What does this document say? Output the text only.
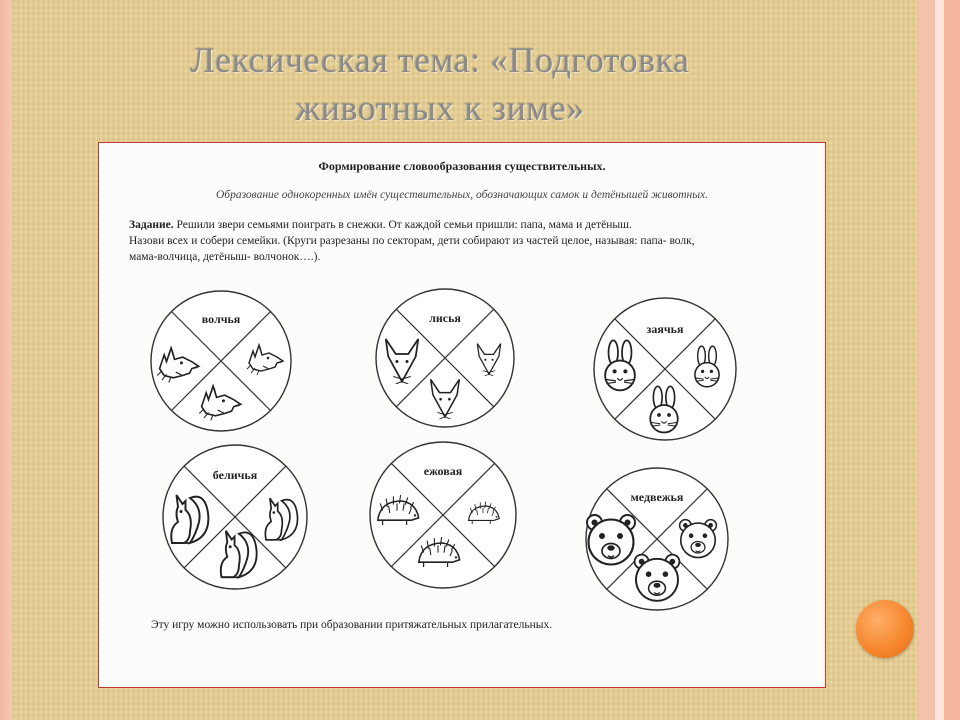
Лексическая тема: «Подготовка
животных к зиме»
Формирование словообразования существительных.
Образование однокоренных имён существительных, обозначающих самок и детёнышей животных.
Задание. Решили звери семьями поиграть в снежки. От каждой семьи пришли: папа, мама и детёныш.
Назови всех и собери семейки. (Круги разрезаны по секторам, дети собирают из частей целое, называя: папа- волк,
мама-волчица, детёныш- волчонок….).
волчья	лисья
заячья
беличья	ежовая
медвежья
Эту игру можно использовать при образовании притяжательных прилагательных.
